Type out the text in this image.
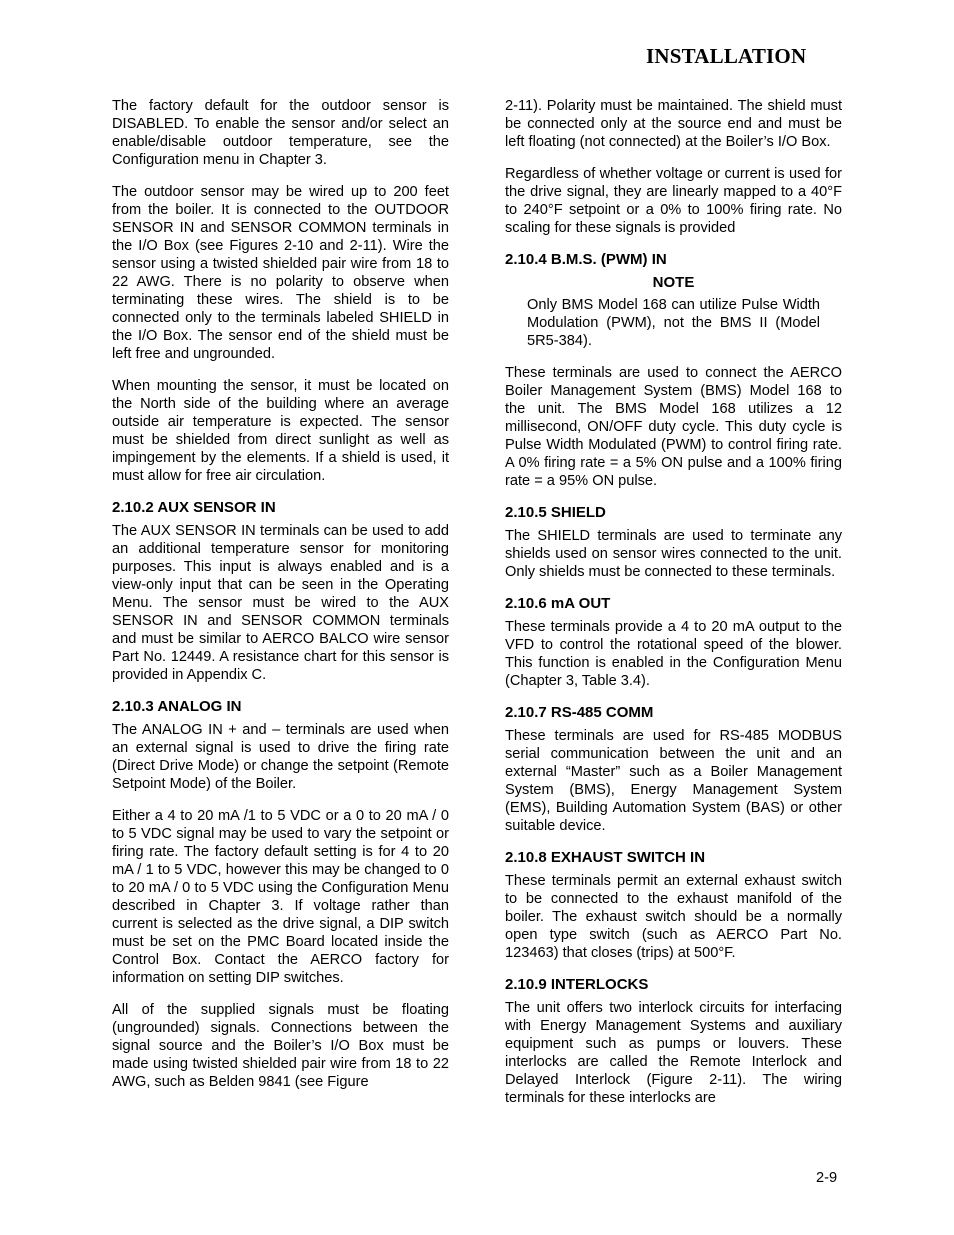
INSTALLATION

The factory default for the outdoor sensor is DISABLED. To enable the sensor and/or select an enable/disable outdoor temperature, see the Configuration menu in Chapter 3.

The outdoor sensor may be wired up to 200 feet from the boiler. It is connected to the OUTDOOR SENSOR IN and SENSOR COMMON terminals in the I/O Box (see Figures 2-10 and 2-11). Wire the sensor using a twisted shielded pair wire from 18 to 22 AWG. There is no polarity to observe when terminating these wires. The shield is to be connected only to the terminals labeled SHIELD in the I/O Box. The sensor end of the shield must be left free and ungrounded.

When mounting the sensor, it must be located on the North side of the building where an average outside air temperature is expected. The sensor must be shielded from direct sunlight as well as impingement by the elements. If a shield is used, it must allow for free air circulation.

2.10.2 AUX SENSOR IN

The AUX SENSOR IN terminals can be used to add an additional temperature sensor for monitoring purposes. This input is always enabled and is a view-only input that can be seen in the Operating Menu. The sensor must be wired to the AUX SENSOR IN and SENSOR COMMON terminals and must be similar to AERCO BALCO wire sensor Part No. 12449. A resistance chart for this sensor is provided in Appendix C.

2.10.3 ANALOG IN

The ANALOG IN + and – terminals are used when an external signal is used to drive the firing rate (Direct Drive Mode) or change the setpoint (Remote Setpoint Mode) of the Boiler.

Either a 4 to 20 mA /1 to 5 VDC or a 0 to 20 mA / 0 to 5 VDC signal may be used to vary the setpoint or firing rate. The factory default setting is for 4 to 20 mA / 1 to 5 VDC, however this may be changed to 0 to 20 mA / 0 to 5 VDC using the Configuration Menu described in Chapter 3. If voltage rather than current is selected as the drive signal, a DIP switch must be set on the PMC Board located inside the Control Box. Contact the AERCO factory for information on setting DIP switches.

All of the supplied signals must be floating (ungrounded) signals. Connections between the signal source and the Boiler’s I/O Box must be made using twisted shielded pair wire from 18 to 22 AWG, such as Belden 9841 (see Figure

2-11). Polarity must be maintained. The shield must be connected only at the source end and must be left floating (not connected) at the Boiler’s I/O Box.

Regardless of whether voltage or current is used for the drive signal, they are linearly mapped to a 40°F to 240°F setpoint or a 0% to 100% firing rate. No scaling for these signals is provided

2.10.4 B.M.S. (PWM) IN
NOTE

Only BMS Model 168 can utilize Pulse Width Modulation (PWM), not the BMS II (Model 5R5-384).

These terminals are used to connect the AERCO Boiler Management System (BMS) Model 168 to the unit. The BMS Model 168 utilizes a 12 millisecond, ON/OFF duty cycle. This duty cycle is Pulse Width Modulated (PWM) to control firing rate. A 0% firing rate = a 5% ON pulse and a 100% firing rate = a 95% ON pulse.

2.10.5 SHIELD

The SHIELD terminals are used to terminate any shields used on sensor wires connected to the unit. Only shields must be connected to these terminals.

2.10.6 mA OUT

These terminals provide a 4 to 20 mA output to the VFD to control the rotational speed of the blower. This function is enabled in the Configuration Menu (Chapter 3, Table 3.4).

2.10.7 RS-485 COMM

These terminals are used for RS-485 MODBUS serial communication between the unit and an external “Master” such as a Boiler Management System (BMS), Energy Management System (EMS), Building Automation System (BAS) or other suitable device.

2.10.8 EXHAUST SWITCH IN

These terminals permit an external exhaust switch to be connected to the exhaust manifold of the boiler. The exhaust switch should be a normally open type switch (such as AERCO Part No. 123463) that closes (trips) at 500°F.

2.10.9 INTERLOCKS

The unit offers two interlock circuits for interfacing with Energy Management Systems and auxiliary equipment such as pumps or louvers. These interlocks are called the Remote Interlock and Delayed Interlock (Figure 2-11). The wiring terminals for these interlocks are

2-9
